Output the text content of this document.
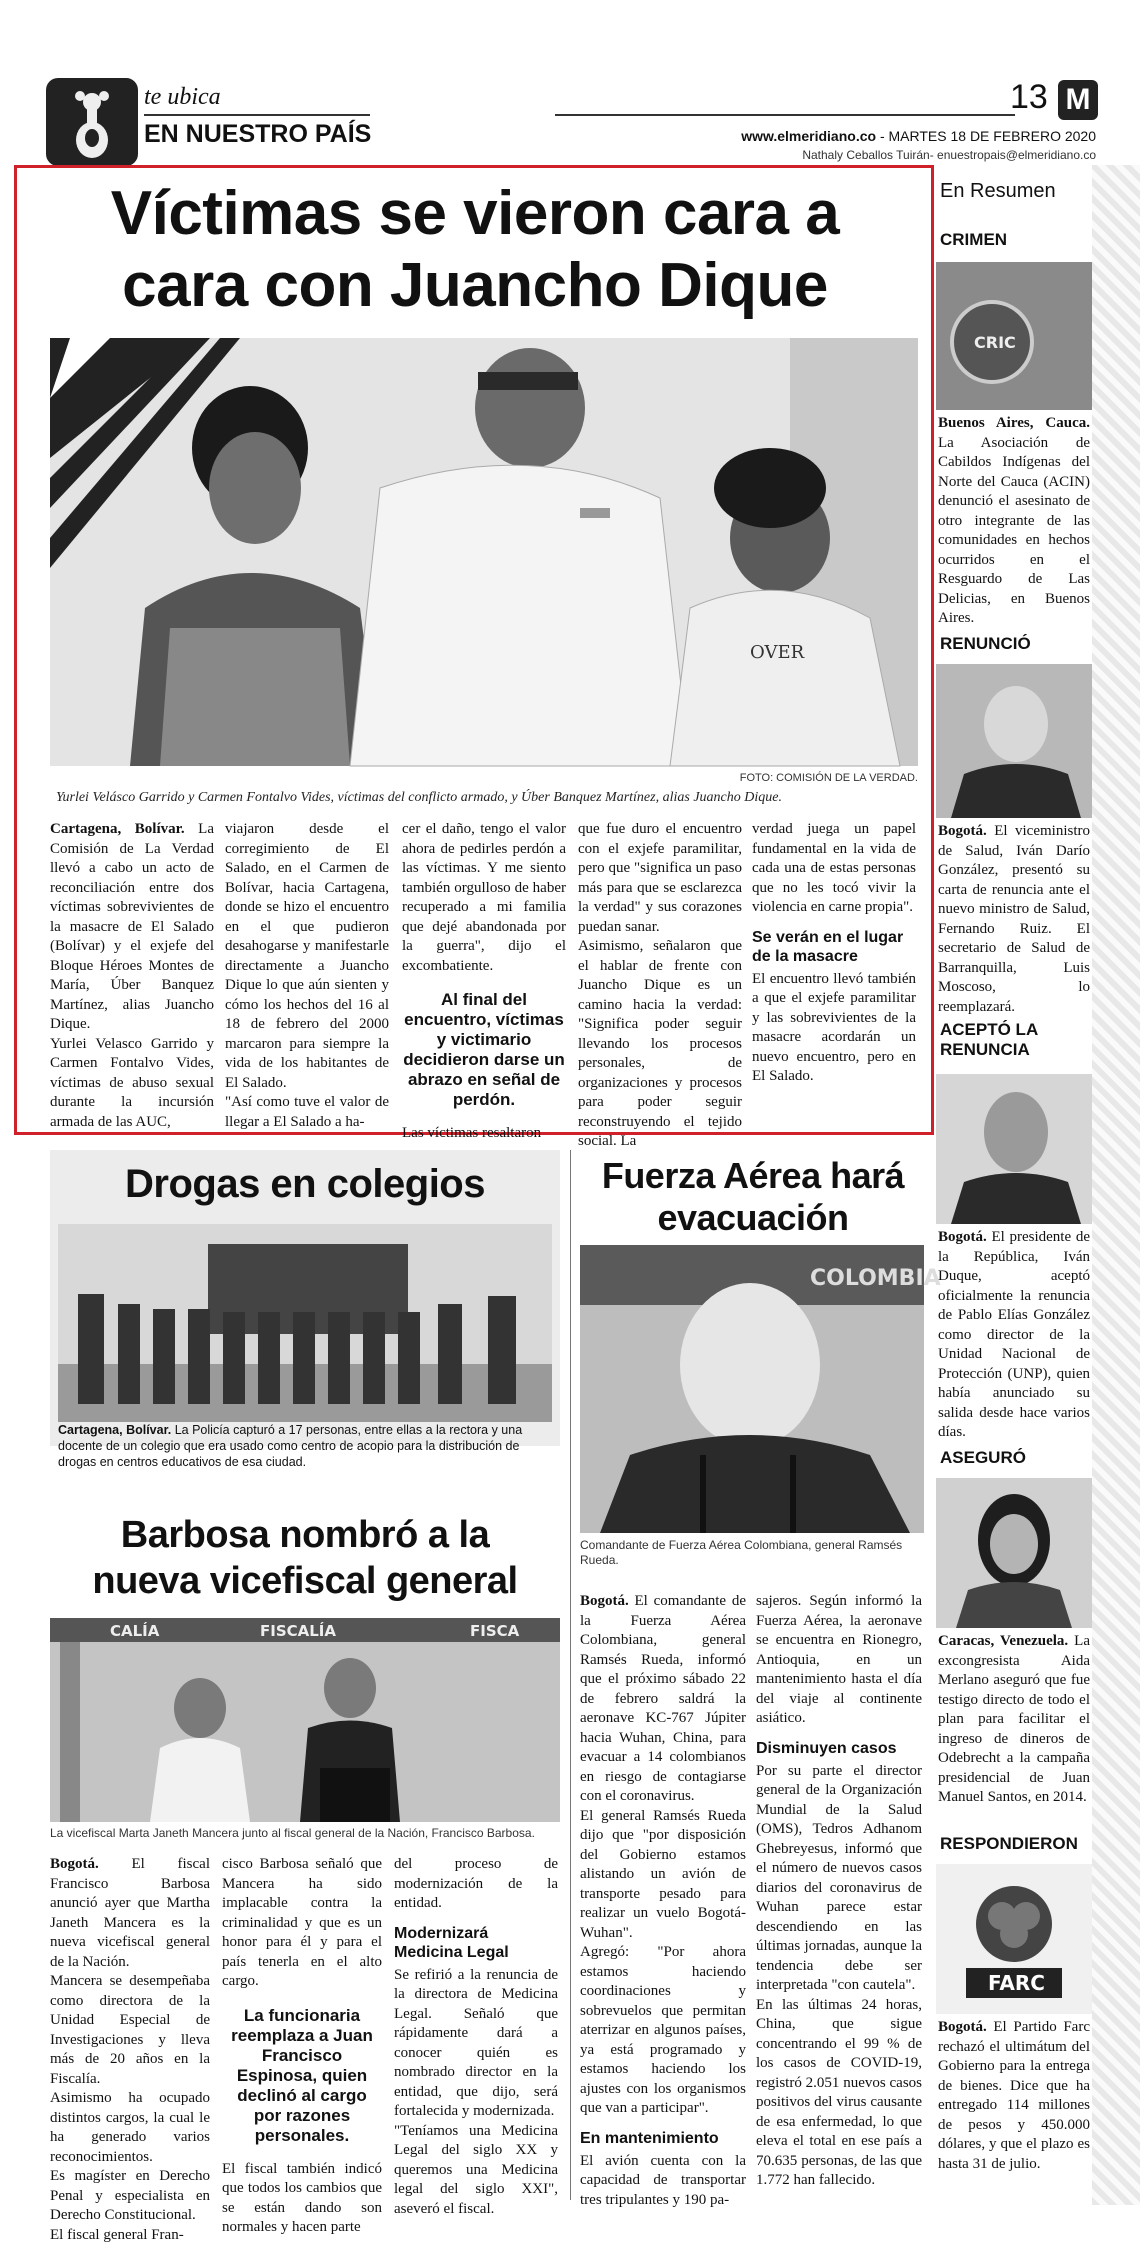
te ubica
EN NUESTRO PAÍS
13 M
www.elmeridiano.co - MARTES 18 DE FEBRERO 2020
Nathaly Ceballos Tuirán- enuestropais@elmeridiano.co
Víctimas se vieron cara a
cara con Juancho Dique
OVER
FOTO: COMISIÓN DE LA VERDAD.
Yurlei Velásco Garrido y Carmen Fontalvo Vides, víctimas del conflicto armado, y Úber Banquez Martínez, alias Juancho Dique.

Cartagena, Bolívar. La Comisión de La Verdad llevó a cabo un acto de reconciliación entre dos víctimas sobrevivientes de la masacre de El Salado (Bolívar) y el exjefe del Bloque Héroes Montes de María, Úber Banquez Martínez, alias Juancho Dique.

Yurlei Velasco Garrido y Carmen Fontalvo Vides, víctimas de abuso sexual durante la incursión armada de las AUC,

viajaron desde el corregimiento de El Salado, en el Carmen de Bolívar, hacia Cartagena, donde se hizo el encuentro en el que pudieron desahogarse y manifestarle directamente a Juancho Dique lo que aún sienten y cómo los hechos del 16 al 18 de febrero del 2000 marcaron para siempre la vida de los habitantes de El Salado.

"Así como tuve el valor de llegar a El Salado a ha-

cer el daño, tengo el valor ahora de pedirles perdón a las víctimas. Y me siento también orgulloso de haber recuperado a mi familia que dejé abandonada por la guerra", dijo el excombatiente.

Al final del encuentro, víctimas y victimario decidieron darse un abrazo en señal de perdón.

Las víctimas resaltaron

que fue duro el encuentro con el exjefe paramilitar, pero que "significa un paso más para que se esclarezca la verdad" y sus corazones puedan sanar.

Asimismo, señalaron que el hablar de frente con Juancho Dique es un camino hacia la verdad: "Significa poder seguir llevando los procesos personales, de organizaciones y procesos para poder seguir reconstruyendo el tejido social. La

verdad juega un papel fundamental en la vida de cada una de estas personas que no les tocó vivir la violencia en carne propia".

Se verán en el lugar de la masacre

El encuentro llevó también a que el exjefe paramilitar y las sobrevivientes de la masacre acordarán un nuevo encuentro, pero en El Salado.

Drogas en colegios
Cartagena, Bolívar. La Policía capturó a 17 personas, entre ellas a la rectora y una docente de un colegio que era usado como centro de acopio para la distribución de drogas en centros educativos de esa ciudad.
Fuerza Aérea hará
evacuación
COLOMBIA
Comandante de Fuerza Aérea Colombiana, general Ramsés Rueda.

Bogotá. El comandante de la Fuerza Aérea Colombiana, general Ramsés Rueda, informó que el próximo sábado 22 de febrero saldrá la aeronave KC-767 Júpiter hacia Wuhan, China, para evacuar a 14 colombianos en riesgo de contagiarse con el coronavirus.

El general Ramsés Rueda dijo que "por disposición del Gobierno estamos alistando un avión de transporte pesado para realizar un vuelo Bogotá-Wuhan".

Agregó: "Por ahora estamos haciendo coordinaciones y sobrevuelos que permitan aterrizar en algunos países, ya está programado y estamos haciendo los ajustes con los organismos que van a participar".

En mantenimiento

El avión cuenta con la capacidad de transportar tres tripulantes y 190 pa-

sajeros. Según informó la Fuerza Aérea, la aeronave se encuentra en Rionegro, Antioquia, en un mantenimiento hasta el día del viaje al continente asiático.

Disminuyen casos

Por su parte el director general de la Organización Mundial de la Salud (OMS), Tedros Adhanom Ghebreyesus, informó que el número de nuevos casos diarios del coronavirus de Wuhan parece estar descendiendo en las últimas jornadas, aunque la tendencia debe ser interpretada "con cautela".

En las últimas 24 horas, China, que sigue concentrando el 99 % de los casos de COVID-19, registró 2.051 nuevos casos positivos del virus causante de esa enfermedad, lo que eleva el total en ese país a 70.635 personas, de las que 1.772 han fallecido.

Barbosa nombró a la
nueva vicefiscal general
CALÍA	FISCALÍA	FISCA
La vicefiscal Marta Janeth Mancera junto al fiscal general de la Nación, Francisco Barbosa.

Bogotá. El fiscal Francisco Barbosa anunció ayer que Martha Janeth Mancera es la nueva vicefiscal general de la Nación.

Mancera se desempeñaba como directora de la Unidad Especial de Investigaciones y lleva más de 20 años en la Fiscalía.

Asimismo ha ocupado distintos cargos, la cual le ha generado varios reconocimientos.

Es magíster en Derecho Penal y especialista en Derecho Constitucional.

El fiscal general Fran-

cisco Barbosa señaló que Mancera ha sido implacable contra la criminalidad y que es un honor para él y para el país tenerla en el alto cargo.

La funcionaria reemplaza a Juan Francisco Espinosa, quien declinó al cargo por razones personales.

El fiscal también indicó que todos los cambios que se están dando son normales y hacen parte

del proceso de modernización de la entidad.

Modernizará Medicina Legal

Se refirió a la renuncia de la directora de Medicina Legal. Señaló que rápidamente dará a conocer quién es nombrado director en la entidad, que dijo, será fortalecida y modernizada.

"Teníamos una Medicina Legal del siglo XX y queremos una Medicina legal del siglo XXI", aseveró el fiscal.

En Resumen
CRIMEN
CRIC
Buenos Aires, Cauca. La Asociación de Cabildos Indígenas del Norte del Cauca (ACIN) denunció el asesinato de otro integrante de las comunidades en hechos ocurridos en el Resguardo de Las Delicias, en Buenos Aires.
RENUNCIÓ
Bogotá. El viceministro de Salud, Iván Darío González, presentó su carta de renuncia ante el nuevo ministro de Salud, Fernando Ruiz. El secretario de Salud de Barranquilla, Luis Moscoso, lo reemplazará.
ACEPTÓ LA
RENUNCIA
Bogotá. El presidente de la República, Iván Duque, aceptó oficialmente la renuncia de Pablo Elías González como director de la Unidad Nacional de Protección (UNP), quien había anunciado su salida desde hace varios días.
ASEGURÓ
Caracas, Venezuela. La excongresista Aida Merlano aseguró que fue testigo directo de todo el plan para facilitar el ingreso de dineros de Odebrecht a la campaña presidencial de Juan Manuel Santos, en 2014.
RESPONDIERON
FARC
Bogotá. El Partido Farc rechazó el ultimátum del Gobierno para la entrega de bienes. Dice que ha entregado 114 millones de pesos y 450.000 dólares, y que el plazo es hasta 31 de julio.
